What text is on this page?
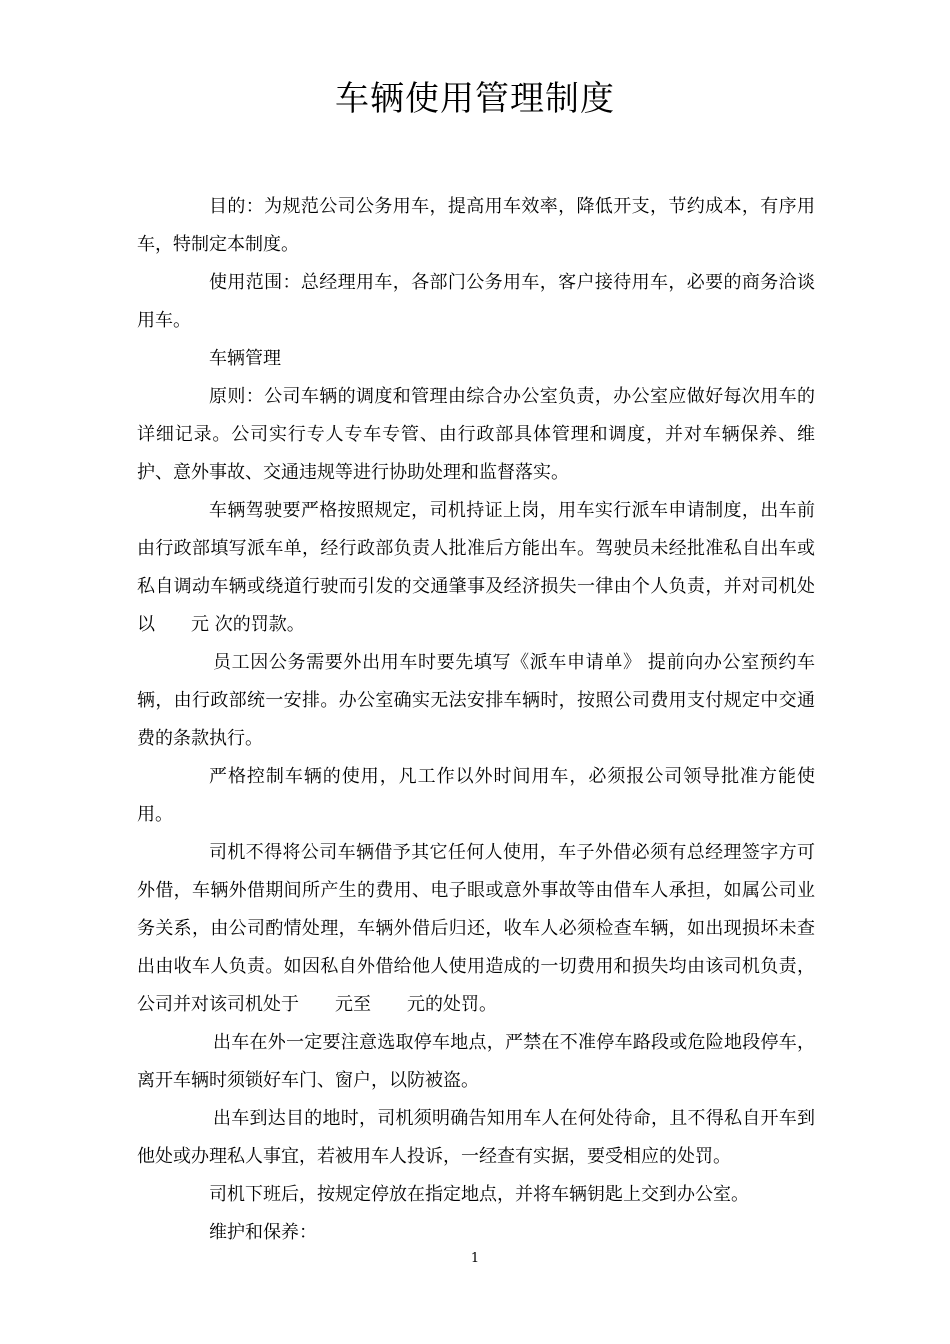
车辆使用管理制度

目的：为规范公司公务用车，提高用车效率，降低开支，节约成本，有序用车，特制定本制度。

使用范围：总经理用车，各部门公务用车，客户接待用车，必要的商务洽谈用车。

车辆管理

原则：公司车辆的调度和管理由综合办公室负责，办公室应做好每次用车的详细记录。公司实行专人专车专管、由行政部具体管理和调度，并对车辆保养、维护、意外事故、交通违规等进行协助处理和监督落实。

车辆驾驶要严格按照规定，司机持证上岗，用车实行派车申请制度，出车前由行政部填写派车单，经行政部负责人批准后方能出车。驾驶员未经批准私自出车或私自调动车辆或绕道行驶而引发的交通肇事及经济损失一律由个人负责，并对司机处以　　元 次的罚款。

员工因公务需要外出用车时要先填写《派车申请单》 提前向办公室预约车辆，由行政部统一安排。办公室确实无法安排车辆时，按照公司费用支付规定中交通费的条款执行。

严格控制车辆的使用，凡工作以外时间用车，必须报公司领导批准方能使用。

司机不得将公司车辆借予其它任何人使用，车子外借必须有总经理签字方可外借，车辆外借期间所产生的费用、电子眼或意外事故等由借车人承担，如属公司业务关系，由公司酌情处理，车辆外借后归还，收车人必须检查车辆，如出现损坏未查出由收车人负责。如因私自外借给他人使用造成的一切费用和损失均由该司机负责，公司并对该司机处于　　元至　　元的处罚。

出车在外一定要注意选取停车地点，严禁在不准停车路段或危险地段停车，离开车辆时须锁好车门、窗户，以防被盗。

出车到达目的地时，司机须明确告知用车人在何处待命，且不得私自开车到他处或办理私人事宜，若被用车人投诉，一经查有实据，要受相应的处罚。

司机下班后，按规定停放在指定地点，并将车辆钥匙上交到办公室。

维护和保养：

1
